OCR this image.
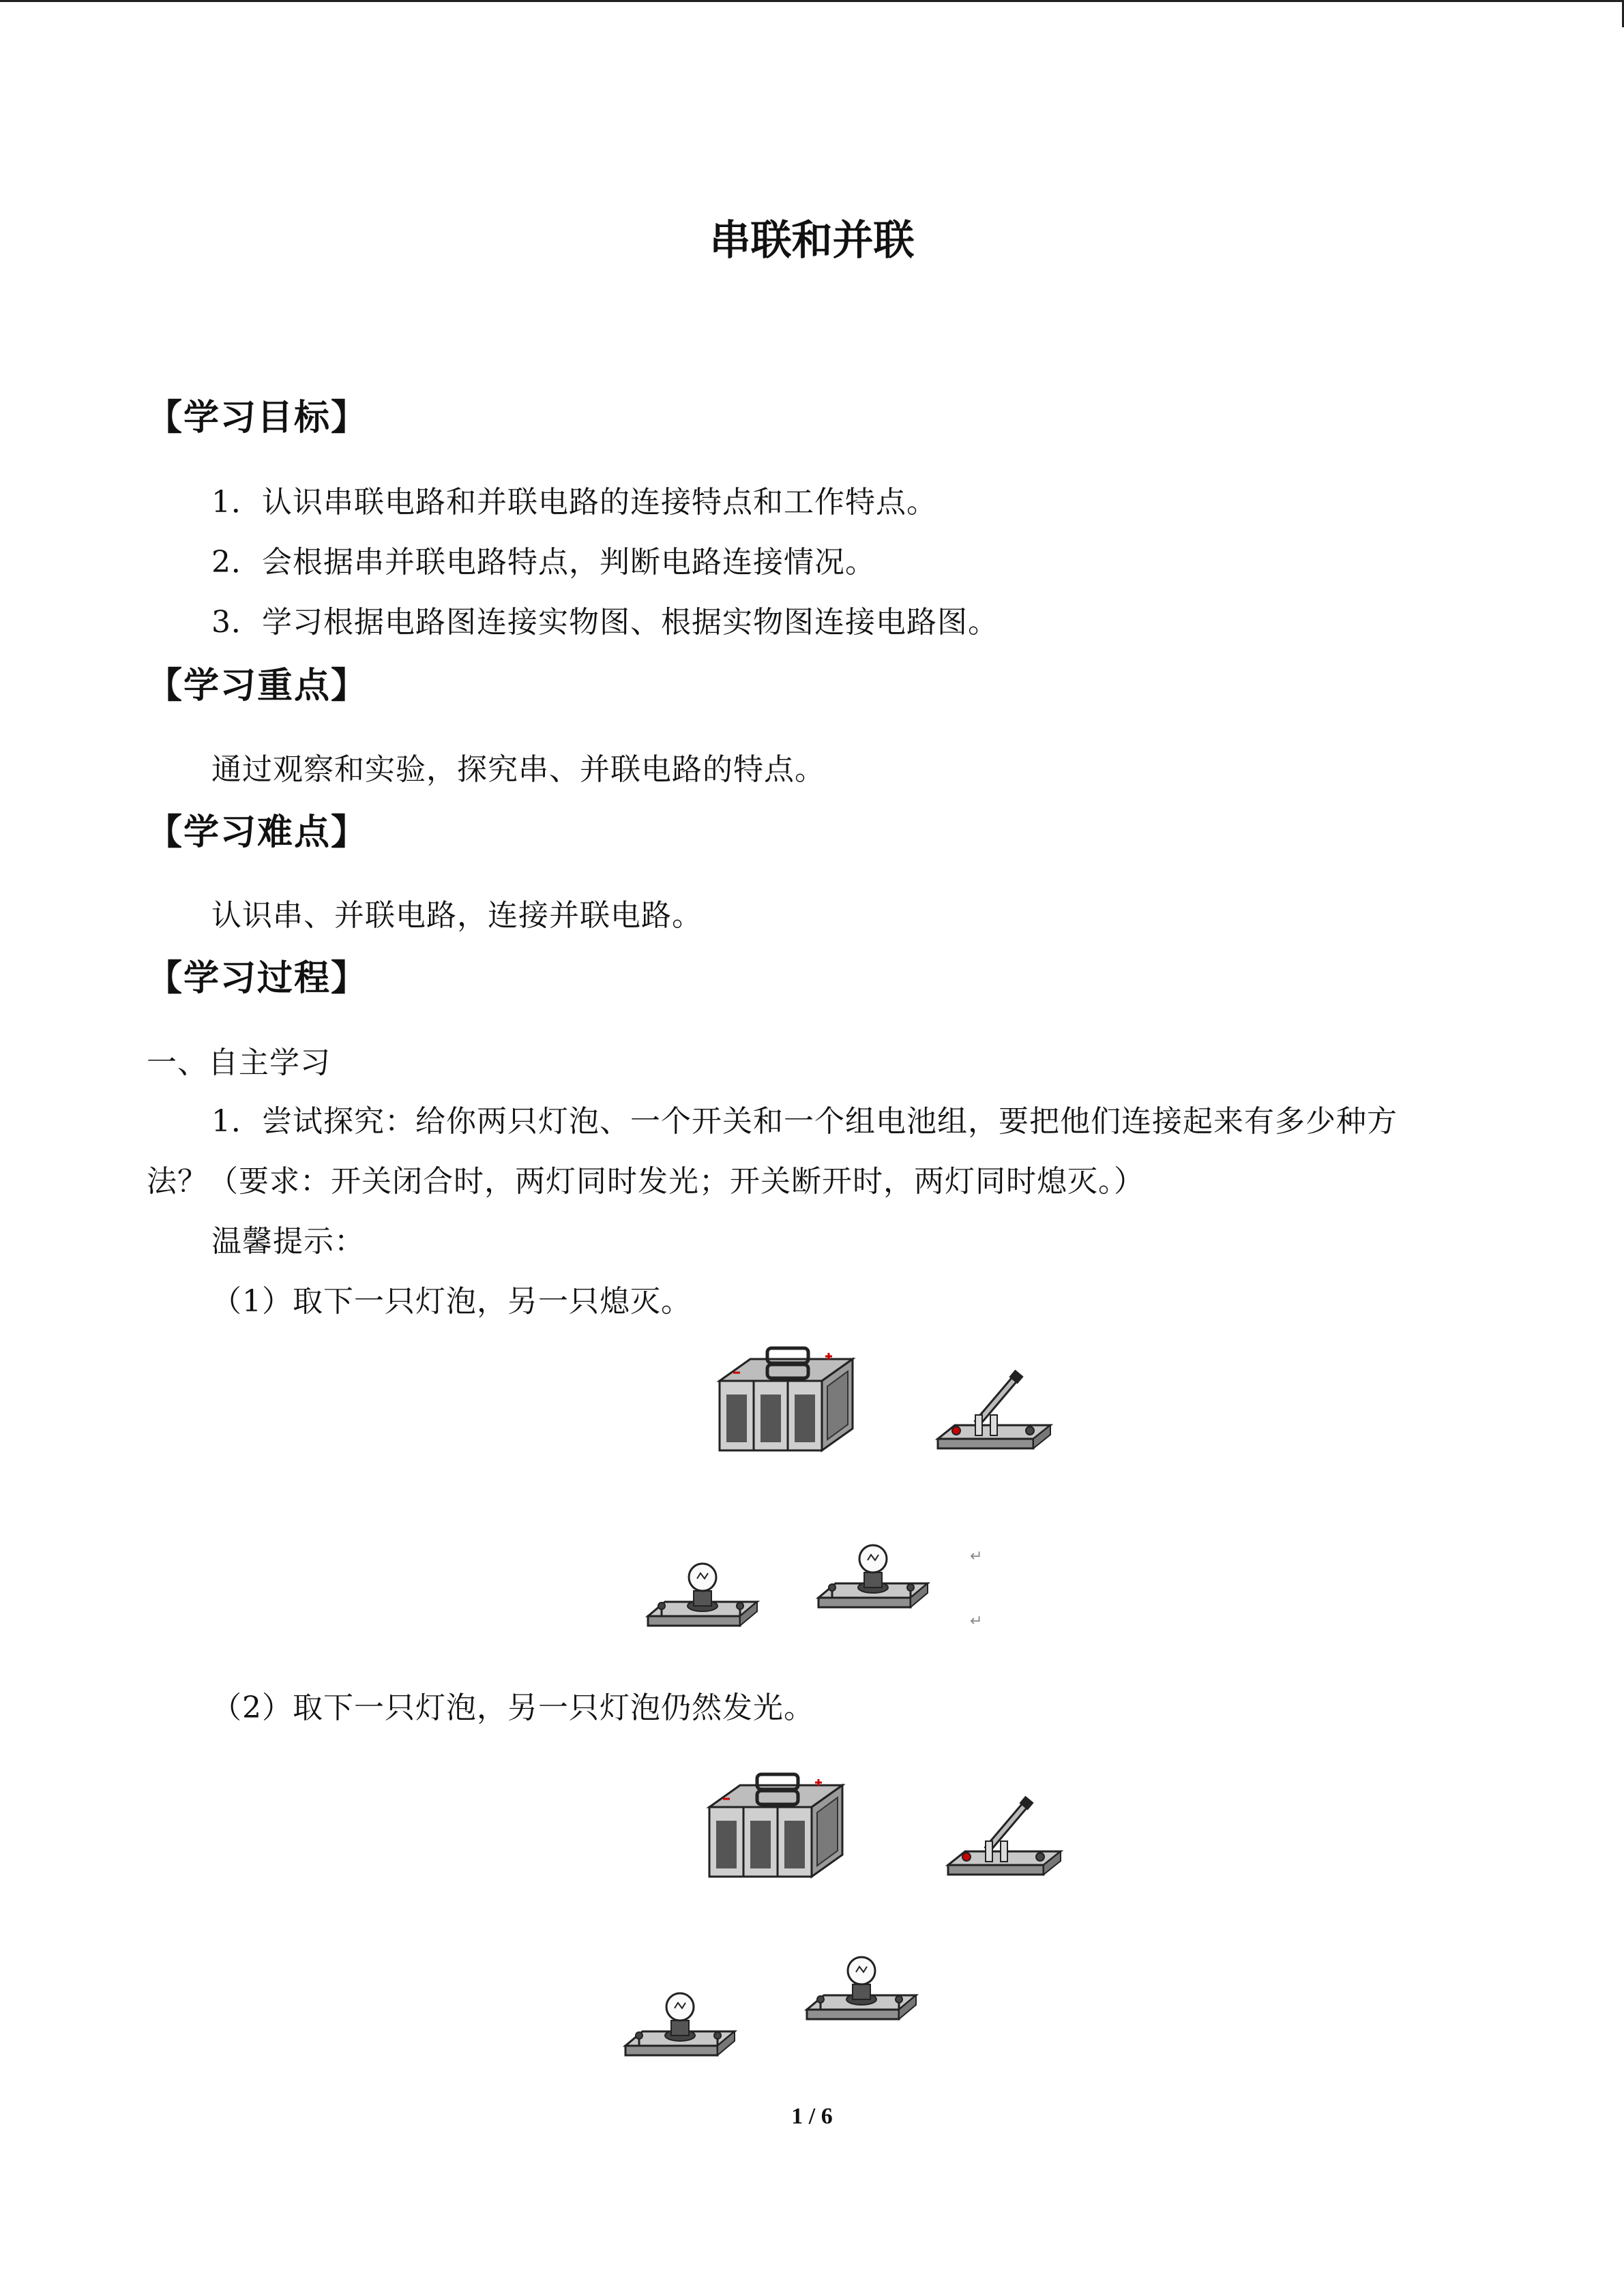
串联和并联
【学习目标】
1．认识串联电路和并联电路的连接特点和工作特点。
2．会根据串并联电路特点，判断电路连接情况。
3．学习根据电路图连接实物图、根据实物图连接电路图。
【学习重点】
通过观察和实验，探究串、并联电路的特点。
【学习难点】
认识串、并联电路，连接并联电路。
【学习过程】
一、自主学习
1．尝试探究：给你两只灯泡、一个开关和一个组电池组，要把他们连接起来有多少种方
法？（要求：开关闭合时，两灯同时发光；开关断开时，两灯同时熄灭。）
温馨提示：
（1）取下一只灯泡，另一只熄灭。
↵
↵
（2）取下一只灯泡，另一只灯泡仍然发光。
1 / 6
